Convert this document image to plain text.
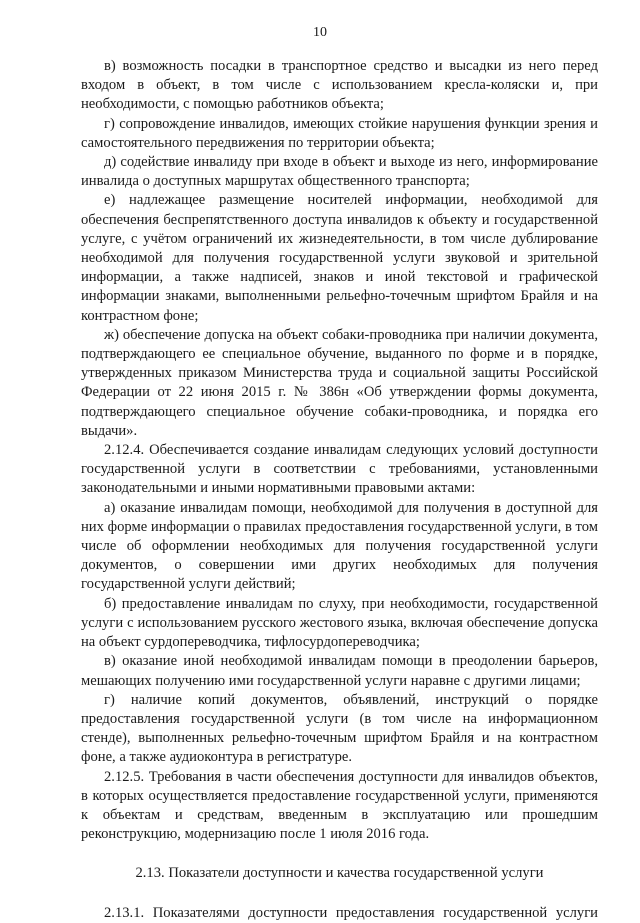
10

в) возможность посадки в транспортное средство и высадки из него перед входом в объект, в том числе с использованием кресла-коляски и, при необходимости, с помощью работников объекта;

г) сопровождение инвалидов, имеющих стойкие нарушения функции зрения и самостоятельного передвижения по территории объекта;

д) содействие инвалиду при входе в объект и выходе из него, информирование инвалида о доступных маршрутах общественного транспорта;

е) надлежащее размещение носителей информации, необходимой для обеспечения беспрепятственного доступа инвалидов к объекту и государственной услуге, с учётом ограничений их жизнедеятельности, в том числе дублирование необходимой для получения государственной услуги звуковой и зрительной информации, а также надписей, знаков и иной текстовой и графической информации знаками, выполненными рельефно-точечным шрифтом Брайля и на контрастном фоне;

ж) обеспечение допуска на объект собаки-проводника при наличии документа, подтверждающего ее специальное обучение, выданного по форме и в порядке, утвержденных приказом Министерства труда и социальной защиты Российской Федерации от 22 июня 2015 г. № 386н «Об утверждении формы документа, подтверждающего специальное обучение собаки-проводника, и порядка его выдачи».

2.12.4. Обеспечивается создание инвалидам следующих условий доступности государственной услуги в соответствии с требованиями, установленными законодательными и иными нормативными правовыми актами:

а) оказание инвалидам помощи, необходимой для получения в доступной для них форме информации о правилах предоставления государственной услуги, в том числе об оформлении необходимых для получения государственной услуги документов, о совершении ими других необходимых для получения государственной услуги действий;

б) предоставление инвалидам по слуху, при необходимости, государственной услуги с использованием русского жестового языка, включая обеспечение допуска на объект сурдопереводчика, тифлосурдопереводчика;

в) оказание иной необходимой инвалидам помощи в преодолении барьеров, мешающих получению ими государственной услуги наравне с другими лицами;

г) наличие копий документов, объявлений, инструкций о порядке предоставления государственной услуги (в том числе на информационном стенде), выполненных рельефно-точечным шрифтом Брайля и на контрастном фоне, а также аудиоконтура в регистратуре.

2.12.5. Требования в части обеспечения доступности для инвалидов объектов, в которых осуществляется предоставление государственной услуги, применяются к объектам и средствам, введенным в эксплуатацию или прошедшим реконструкцию, модернизацию после 1 июля 2016 года.

2.13. Показатели доступности и качества государственной услуги

2.13.1. Показателями доступности предоставления государственной услуги
